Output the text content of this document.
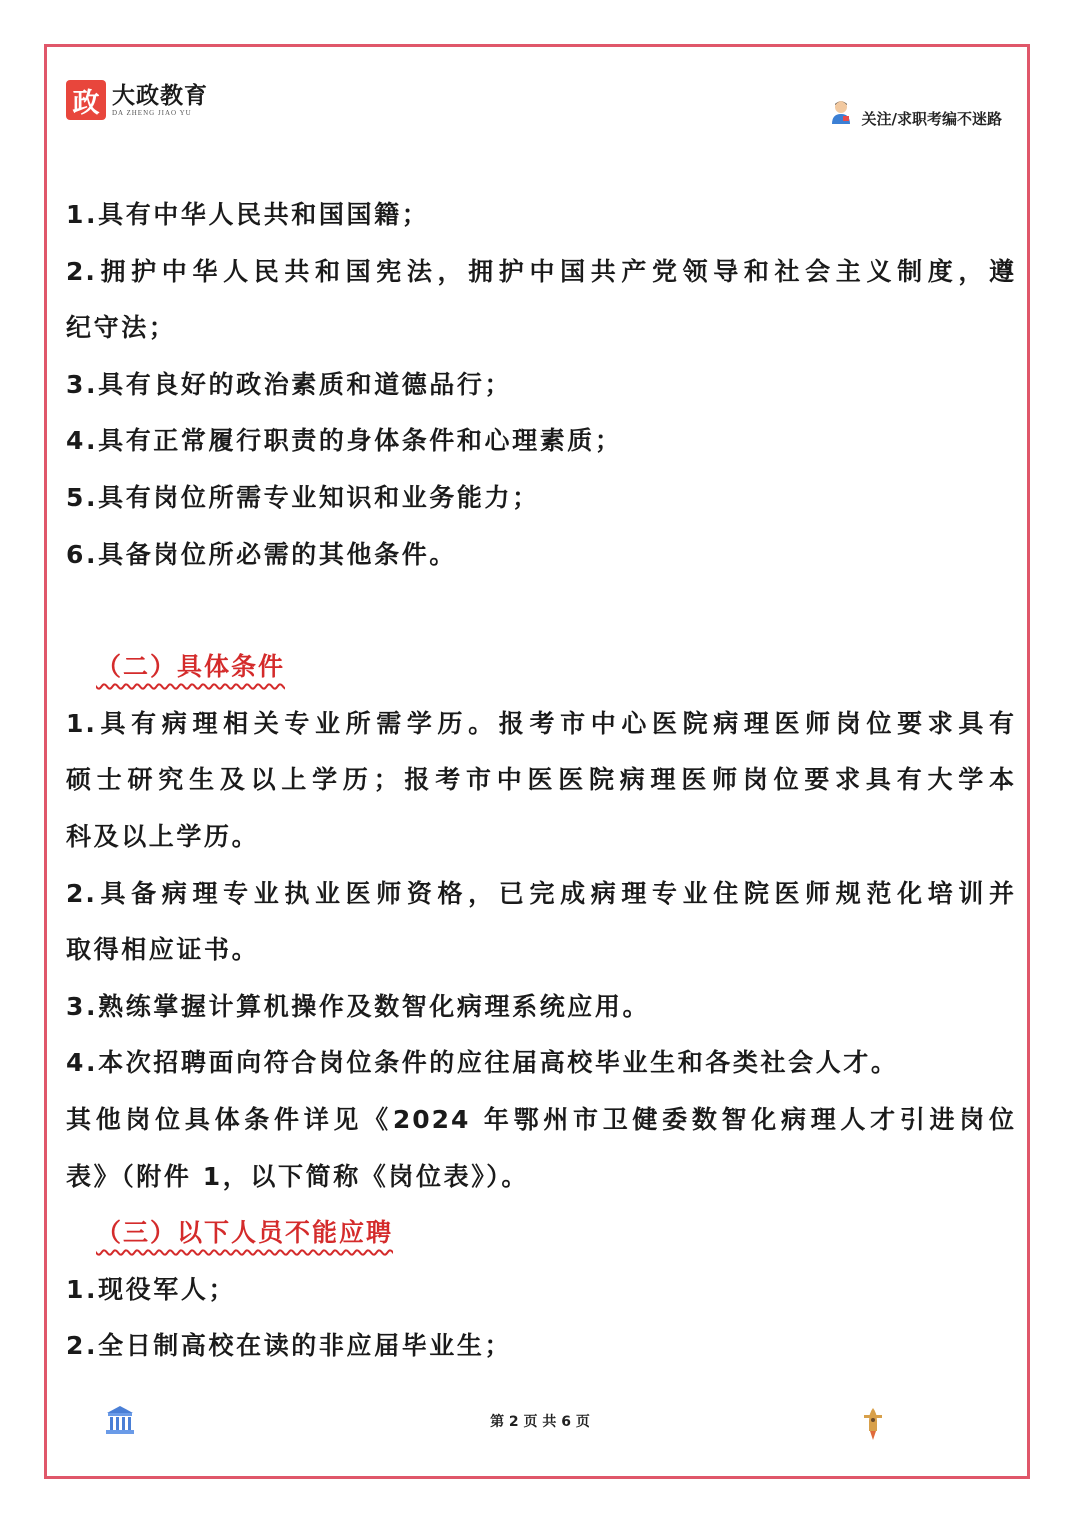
政 大政教育
DA ZHENG JIAO YU	关注/求职考编不迷路
1.具有中华人民共和国国籍；
2.拥护中华人民共和国宪法，拥护中国共产党领导和社会主义制度，遵
纪守法；
3.具有良好的政治素质和道德品行；
4.具有正常履行职责的身体条件和心理素质；
5.具有岗位所需专业知识和业务能力；
6.具备岗位所必需的其他条件。
（二）具体条件
1.具有病理相关专业所需学历。报考市中心医院病理医师岗位要求具有
硕士研究生及以上学历；报考市中医医院病理医师岗位要求具有大学本
科及以上学历。
2.具备病理专业执业医师资格，已完成病理专业住院医师规范化培训并
取得相应证书。
3.熟练掌握计算机操作及数智化病理系统应用。
4.本次招聘面向符合岗位条件的应往届高校毕业生和各类社会人才。
其他岗位具体条件详见《2024 年鄂州市卫健委数智化病理人才引进岗位
表》（附件 1，以下简称《岗位表》）。
（三）以下人员不能应聘
1.现役军人；
2.全日制高校在读的非应届毕业生；
第 2 页 共 6 页
